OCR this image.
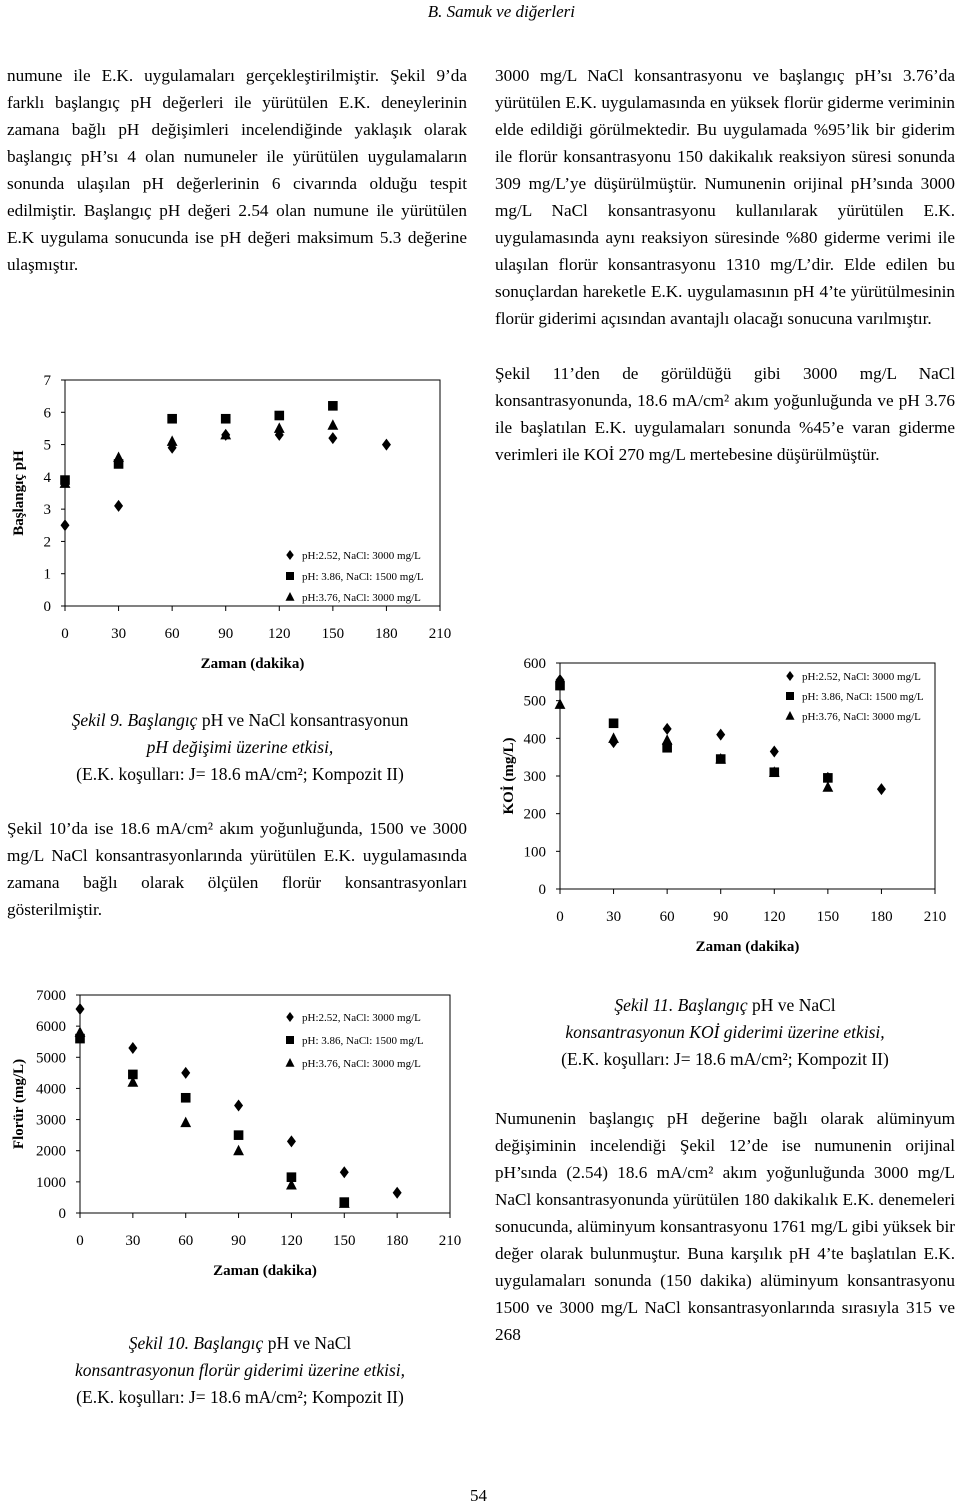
B. Samuk ve diğerleri

numune ile E.K. uygulamaları gerçekleştirilmiştir. Şekil 9’da farklı başlangıç pH değerleri ile yürütülen E.K. deneylerinin zamana bağlı pH değişimleri incelendiğinde yaklaşık olarak başlangıç pH’sı 4 olan numuneler ile yürütülen uygulamaların sonunda ulaşılan pH değerlerinin 6 civarında olduğu tespit edilmiştir. Başlangıç pH değeri 2.54 olan numune ile yürütülen E.K uygulama sonucunda ise pH değeri maksimum 5.3 değerine ulaşmıştır.

0	30	60	90 120 150 180 210
0
1
2
3
4
5
6
7
Zaman (dakika)
Başlangıç pH
pH:2.52, NaCl: 3000 mg/L
pH: 3.86, NaCl: 1500 mg/L
pH:3.76, NaCl: 3000 mg/L
Şekil 9. Başlangıç pH ve NaCl konsantrasyonun
pH değişimi üzerine etkisi,
(E.K. koşulları: J= 18.6 mA/cm²; Kompozit II)

Şekil 10’da ise 18.6 mA/cm² akım yoğunluğunda, 1500 ve 3000 mg/L NaCl konsantrasyonlarında yürütülen E.K. uygulamasında zamana bağlı olarak ölçülen florür konsantrasyonları gösterilmiştir.

0	30	60	90 120 150 180 210
0
1000
2000
3000
4000
5000
6000
7000
Zaman (dakika)
Florür (mg/L)
pH:2.52, NaCl: 3000 mg/L
pH: 3.86, NaCl: 1500 mg/L
pH:3.76, NaCl: 3000 mg/L
Şekil 10. Başlangıç pH ve NaCl
konsantrasyonun florür giderimi üzerine etkisi,
(E.K. koşulları: J= 18.6 mA/cm²; Kompozit II)

3000 mg/L NaCl konsantrasyonu ve başlangıç pH’sı 3.76’da yürütülen E.K. uygulamasında en yüksek florür giderme veriminin elde edildiği görülmektedir. Bu uygulamada %95’lik bir giderim ile florür konsantrasyonu 150 dakikalık reaksiyon süresi sonunda 309 mg/L’ye düşürülmüştür. Numunenin orijinal pH’sında 3000 mg/L NaCl konsantrasyonu kullanılarak yürütülen E.K. uygulamasında aynı reaksiyon süresinde %80 giderme verimi ile ulaşılan florür konsantrasyonu 1310 mg/L’dir. Elde edilen bu sonuçlardan hareketle E.K. uygulamasının pH 4’te yürütülmesinin florür giderimi açısından avantajlı olacağı sonucuna varılmıştır.

Şekil 11’den de görüldüğü gibi 3000 mg/L NaCl konsantrasyonunda, 18.6 mA/cm² akım yoğunluğunda ve pH 3.76 ile başlatılan E.K. uygulamaları sonunda %45’e varan giderme verimleri ile KOİ 270 mg/L mertebesine düşürülmüştür.

0	30	60	90 120 150 180 210
0
100
200
300
400
500
600
Zaman (dakika)
KOİ (mg/L)
pH:2.52, NaCl: 3000 mg/L
pH: 3.86, NaCl: 1500 mg/L
pH:3.76, NaCl: 3000 mg/L
Şekil 11. Başlangıç pH ve NaCl
konsantrasyonun KOİ giderimi üzerine etkisi,
(E.K. koşulları: J= 18.6 mA/cm²; Kompozit II)

Numunenin başlangıç pH değerine bağlı olarak alüminyum değişiminin incelendiği Şekil 12’de ise numunenin orijinal pH’sında (2.54) 18.6 mA/cm² akım yoğunluğunda 3000 mg/L NaCl konsantrasyonunda yürütülen 180 dakikalık E.K. denemeleri sonucunda, alüminyum konsantrasyonu 1761 mg/L gibi yüksek bir değer olarak bulunmuştur. Buna karşılık pH 4’te başlatılan E.K. uygulamaları sonunda (150 dakika) alüminyum konsantrasyonu 1500 ve 3000 mg/L NaCl konsantrasyonlarında sırasıyla 315 ve 268

54
